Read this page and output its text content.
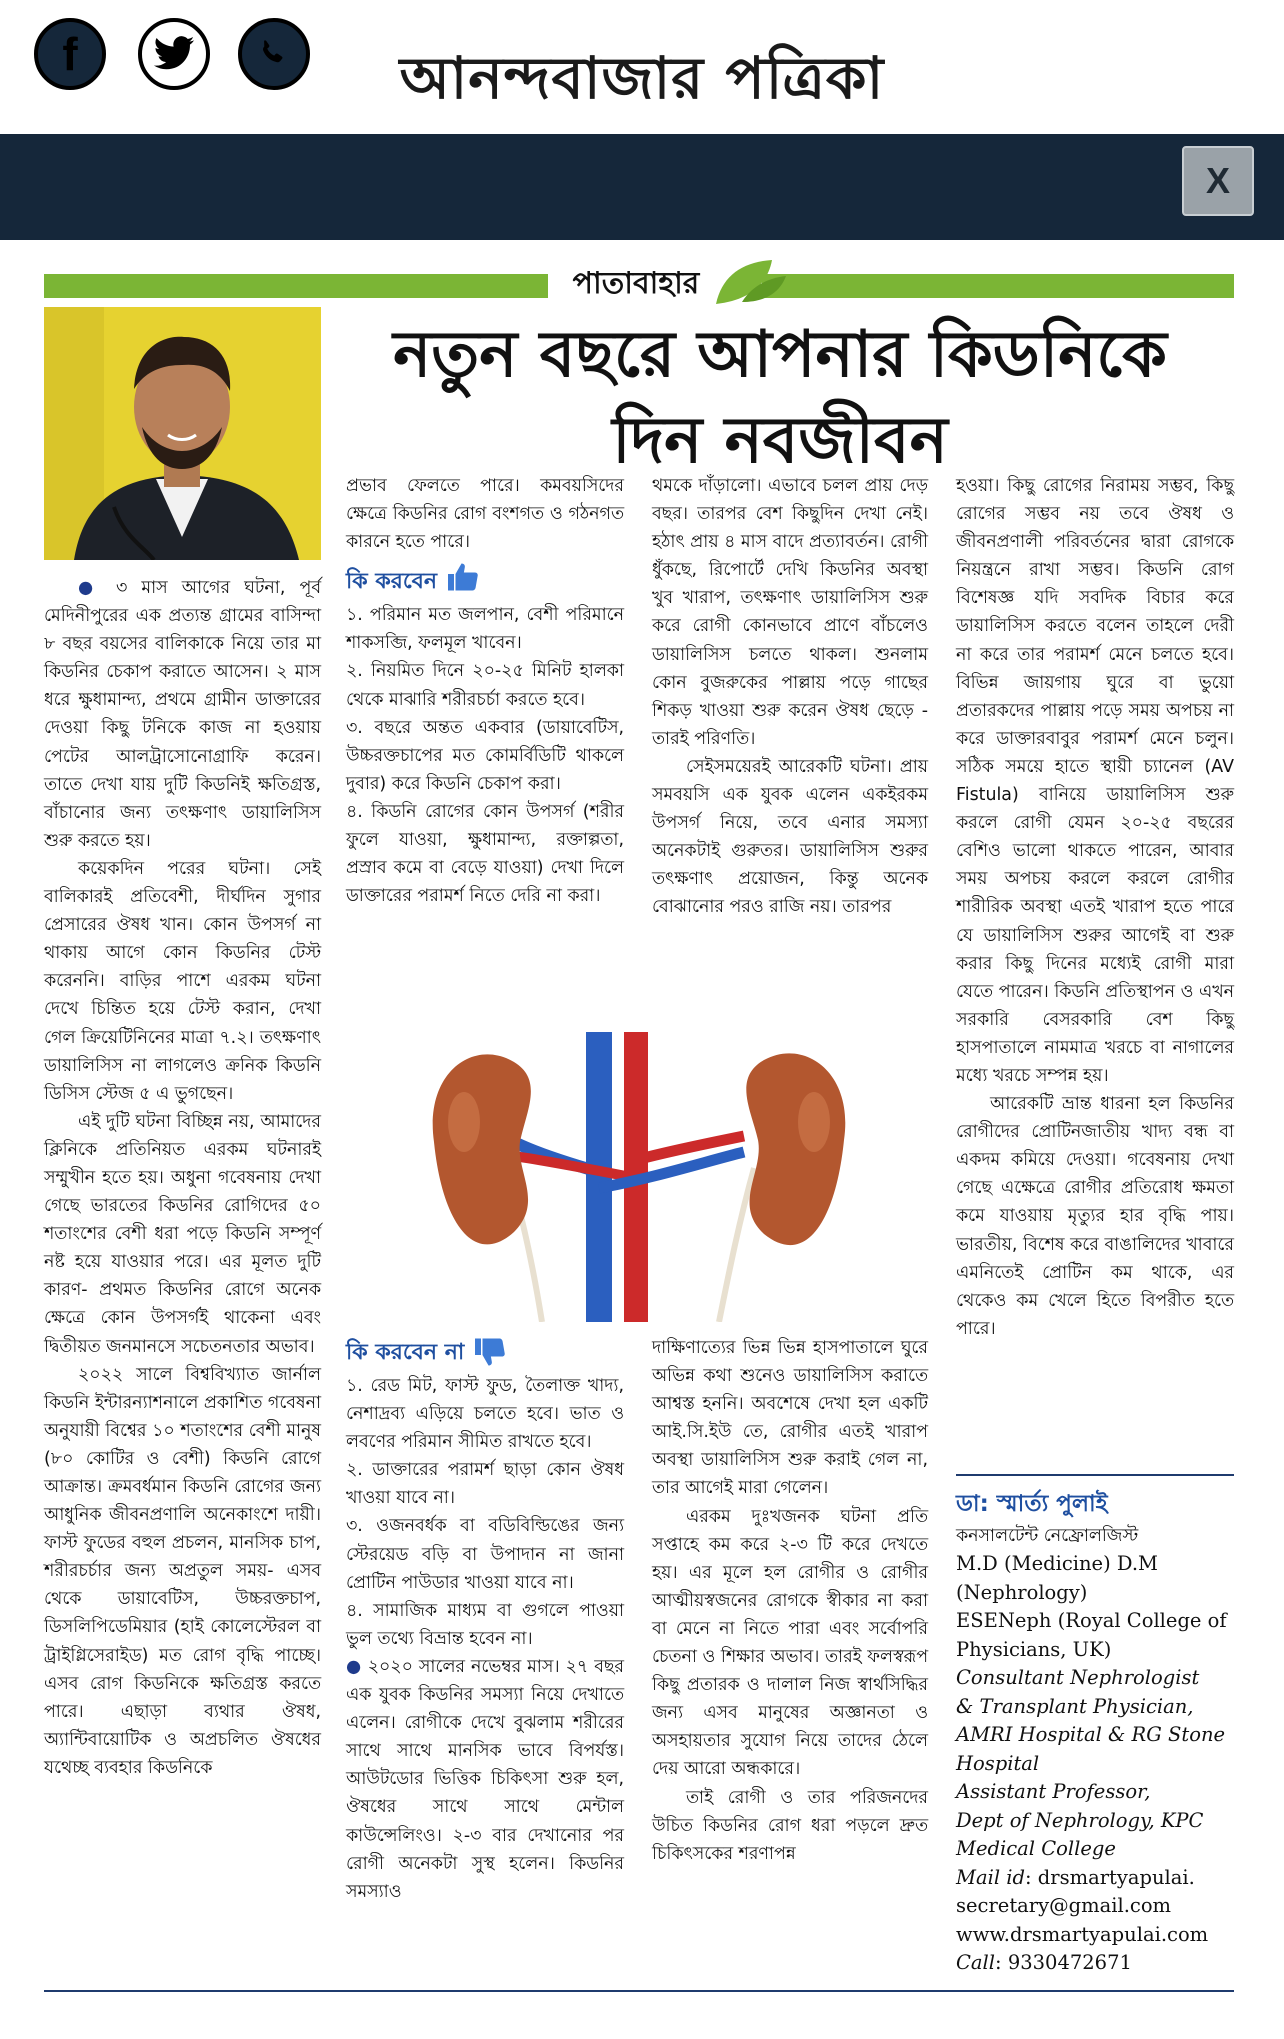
আনন্দবাজার পত্রিকা
f
X
পাতাবাহার
নতুন বছরে আপনার কিডনিকে
দিন নবজীবন

● ৩ মাস আগের ঘটনা, পূর্ব মেদিনীপুরের এক প্রত্যন্ত গ্রামের বাসিন্দা ৮ বছর বয়সের বালিকাকে নিয়ে তার মা কিডনির চেকাপ করাতে আসেন। ২ মাস ধরে ক্ষুধামান্দ্য, প্রথমে গ্রামীন ডাক্তারের দেওয়া কিছু টনিকে কাজ না হওয়ায় পেটের আলট্রাসোনোগ্রাফি করেন। তাতে দেখা যায় দুটি কিডনিই ক্ষতিগ্রস্ত, বাঁচানোর জন্য তৎক্ষণাৎ ডায়ালিসিস শুরু করতে হয়।

কয়েকদিন পরের ঘটনা। সেই বালিকারই প্রতিবেশী, দীর্ঘদিন সুগার প্রেসারের ঔষধ খান। কোন উপসর্গ না থাকায় আগে কোন কিডনির টেস্ট করেননি। বাড়ির পাশে এরকম ঘটনা দেখে চিন্তিত হয়ে টেস্ট করান, দেখা গেল ক্রিয়েটিনিনের মাত্রা ৭.২। তৎক্ষণাৎ ডায়ালিসিস না লাগলেও ক্রনিক কিডনি ডিসিস স্টেজ ৫ এ ভুগছেন।

এই দুটি ঘটনা বিচ্ছিন্ন নয়, আমাদের ক্লিনিকে প্রতিনিয়ত এরকম ঘটনারই সম্মুখীন হতে হয়। অধুনা গবেষনায় দেখা গেছে ভারতের কিডনির রোগিদের ৫০ শতাংশের বেশী ধরা পড়ে কিডনি সম্পূর্ণ নষ্ট হয়ে যাওয়ার পরে। এর মূলত দুটি কারণ- প্রথমত কিডনির রোগে অনেক ক্ষেত্রে কোন উপসর্গই থাকেনা এবং দ্বিতীয়ত জনমানসে সচেতনতার অভাব।

২০২২ সালে বিশ্ববিখ্যাত জার্নাল কিডনি ইন্টারন্যাশনালে প্রকাশিত গবেষনা অনুযায়ী বিশ্বের ১০ শতাংশের বেশী মানুষ (৮০ কোটির ও বেশী) কিডনি রোগে আক্রান্ত। ক্রমবর্ধমান কিডনি রোগের জন্য আধুনিক জীবনপ্রণালি অনেকাংশে দায়ী। ফাস্ট ফুডের বহুল প্রচলন, মানসিক চাপ, শরীরচর্চার জন্য অপ্রতুল সময়- এসব থেকে ডায়াবেটিস, উচ্চরক্তচাপ, ডিসলিপিডেমিয়ার (হাই কোলেস্টেরল বা ট্রাইগ্লিসেরাইড) মত রোগ বৃদ্ধি পাচ্ছে। এসব রোগ কিডনিকে ক্ষতিগ্রস্ত করতে পারে। এছাড়া ব্যথার ঔষধ, অ্যান্টিবায়োটিক ও অপ্রচলিত ঔষধের যথেচ্ছ ব্যবহার কিডনিকে

প্রভাব ফেলতে পারে। কমবয়সিদের ক্ষেত্রে কিডনির রোগ বংশগত ও গঠনগত কারনে হতে পারে।

কি করবেন

১. পরিমান মত জলপান, বেশী পরিমানে শাকসব্জি, ফলমূল খাবেন।

২. নিয়মিত দিনে ২০-২৫ মিনিট হালকা থেকে মাঝারি শরীরচর্চা করতে হবে।

৩. বছরে অন্তত একবার (ডায়াবেটিস, উচ্চরক্তচাপের মত কোমর্বিডিটি থাকলে দুবার) করে কিডনি চেকাপ করা।

৪. কিডনি রোগের কোন উপসর্গ (শরীর ফুলে যাওয়া, ক্ষুধামান্দ্য, রক্তাল্পতা, প্রস্রাব কমে বা বেড়ে যাওয়া) দেখা দিলে ডাক্তারের পরামর্শ নিতে দেরি না করা।

থমকে দাঁড়ালো। এভাবে চলল প্রায় দেড় বছর। তারপর বেশ কিছুদিন দেখা নেই। হঠাৎ প্রায় ৪ মাস বাদে প্রত্যাবর্তন। রোগী ধুঁকছে, রিপোর্টে দেখি কিডনির অবস্থা খুব খারাপ, তৎক্ষণাৎ ডায়ালিসিস শুরু করে রোগী কোনভাবে প্রাণে বাঁচলেও ডায়ালিসিস চলতে থাকল। শুনলাম কোন বুজরুকের পাল্লায় পড়ে গাছের শিকড় খাওয়া শুরু করেন ঔষধ ছেড়ে - তারই পরিণতি।

সেইসময়েরই আরেকটি ঘটনা। প্রায় সমবয়সি এক যুবক এলেন একইরকম উপসর্গ নিয়ে, তবে এনার সমস্যা অনেকটাই গুরুতর। ডায়ালিসিস শুরুর তৎক্ষণাৎ প্রয়োজন, কিন্তু অনেক বোঝানোর পরও রাজি নয়। তারপর

কি করবেন না

১. রেড মিট, ফাস্ট ফুড, তৈলাক্ত খাদ্য, নেশাদ্রব্য এড়িয়ে চলতে হবে। ভাত ও লবণের পরিমান সীমিত রাখতে হবে।

২. ডাক্তারের পরামর্শ ছাড়া কোন ঔষধ খাওয়া যাবে না।

৩. ওজনবর্ধক বা বডিবিল্ডিঙের জন্য স্টেরয়েড বড়ি বা উপাদান না জানা প্রোটিন পাউডার খাওয়া যাবে না।

৪. সামাজিক মাধ্যম বা গুগলে পাওয়া ভুল তথ্যে বিভ্রান্ত হবেন না।

● ২০২০ সালের নভেম্বর মাস। ২৭ বছর এক যুবক কিডনির সমস্যা নিয়ে দেখাতে এলেন। রোগীকে দেখে বুঝলাম শরীরের সাথে সাথে মানসিক ভাবে বিপর্যস্ত। আউটডোর ভিত্তিক চিকিৎসা শুরু হল, ঔষধের সাথে সাথে মেন্টাল কাউন্সেলিংও। ২-৩ বার দেখানোর পর রোগী অনেকটা সুস্থ হলেন। কিডনির সমস্যাও

দাক্ষিণাত্যের ভিন্ন ভিন্ন হাসপাতালে ঘুরে অভিন্ন কথা শুনেও ডায়ালিসিস করাতে আশ্বস্ত হননি। অবশেষে দেখা হল একটি আই.সি.ইউ তে, রোগীর এতই খারাপ অবস্থা ডায়ালিসিস শুরু করাই গেল না, তার আগেই মারা গেলেন।

এরকম দুঃখজনক ঘটনা প্রতি সপ্তাহে কম করে ২-৩ টি করে দেখতে হয়। এর মূলে হল রোগীর ও রোগীর আত্মীয়স্বজনের রোগকে স্বীকার না করা বা মেনে না নিতে পারা এবং সর্বোপরি চেতনা ও শিক্ষার অভাব। তারই ফলস্বরূপ কিছু প্রতারক ও দালাল নিজ স্বার্থসিদ্ধির জন্য এসব মানুষের অজ্ঞানতা ও অসহায়তার সুযোগ নিয়ে তাদের ঠেলে দেয় আরো অন্ধকারে।

তাই রোগী ও তার পরিজনদের উচিত কিডনির রোগ ধরা পড়লে দ্রুত চিকিৎসকের শরণাপন্ন

হওয়া। কিছু রোগের নিরাময় সম্ভব, কিছু রোগের সম্ভব নয় তবে ঔষধ ও জীবনপ্রণালী পরিবর্তনের দ্বারা রোগকে নিয়ন্ত্রনে রাখা সম্ভব। কিডনি রোগ বিশেষজ্ঞ যদি সবদিক বিচার করে ডায়ালিসিস করতে বলেন তাহলে দেরী না করে তার পরামর্শ মেনে চলতে হবে। বিভিন্ন জায়গায় ঘুরে বা ভুয়ো প্রতারকদের পাল্লায় পড়ে সময় অপচয় না করে ডাক্তারবাবুর পরামর্শ মেনে চলুন। সঠিক সময়ে হাতে স্থায়ী চ্যানেল (AV Fistula) বানিয়ে ডায়ালিসিস শুরু করলে রোগী যেমন ২০-২৫ বছরের বেশিও ভালো থাকতে পারেন, আবার সময় অপচয় করলে করলে রোগীর শারীরিক অবস্থা এতই খারাপ হতে পারে যে ডায়ালিসিস শুরুর আগেই বা শুরু করার কিছু দিনের মধ্যেই রোগী মারা যেতে পারেন। কিডনি প্রতিস্থাপন ও এখন সরকারি বেসরকারি বেশ কিছু হাসপাতালে নামমাত্র খরচে বা নাগালের মধ্যে খরচে সম্পন্ন হয়।

আরেকটি ভ্রান্ত ধারনা হল কিডনির রোগীদের প্রোটিনজাতীয় খাদ্য বন্ধ বা একদম কমিয়ে দেওয়া। গবেষনায় দেখা গেছে এক্ষেত্রে রোগীর প্রতিরোধ ক্ষমতা কমে যাওয়ায় মৃত্যুর হার বৃদ্ধি পায়। ভারতীয়, বিশেষ করে বাঙালিদের খাবারে এমনিতেই প্রোটিন কম থাকে, এর থেকেও কম খেলে হিতে বিপরীত হতে পারে।

ডা: স্মার্ত্য পুলাই
কনসালটেন্ট নেফ্রোলজিস্ট
M.D (Medicine) D.M
(Nephrology)
ESENeph (Royal College of
Physicians, UK)
Consultant Nephrologist
& Transplant Physician,
AMRI Hospital & RG Stone
Hospital
Assistant Professor,
Dept of Nephrology, KPC
Medical College
Mail id: drsmartyapulai.
secretary@gmail.com
www.drsmartyapulai.com
Call: 9330472671
